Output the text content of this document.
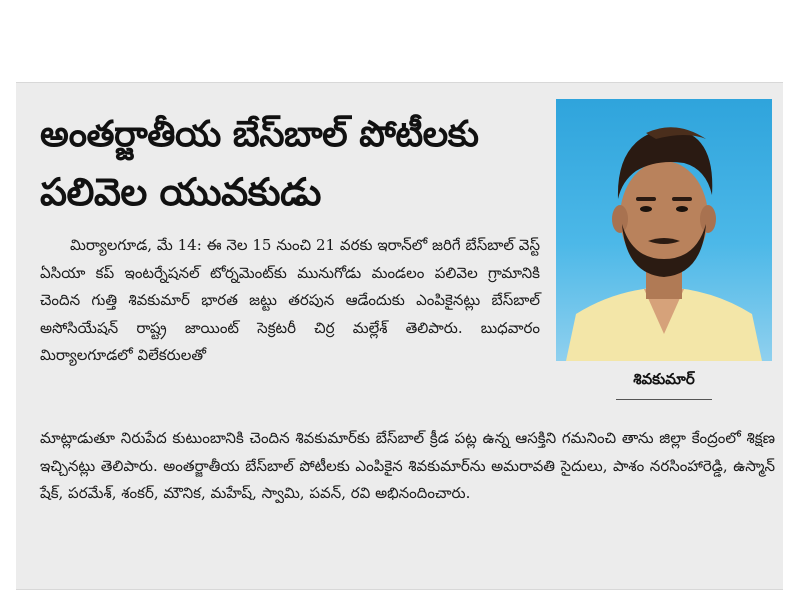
అంతర్జాతీయ బేస్‌బాల్ పోటీలకు
పలివెల యువకుడు
మిర్యాలగూడ, మే 14: ఈ నెల 15 నుంచి 21 వరకు ఇరాన్‌లో జరిగే బేస్‌బాల్ వెస్ట్ ఏసియా కప్ ఇంటర్నేషనల్ టోర్నమెంట్‌కు మునుగోడు మండలం పలివెల గ్రామానికి చెందిన గుత్తి శివకుమార్ భారత జట్టు తరపున ఆడేందుకు ఎంపికైనట్లు బేస్‌బాల్ అసోసియేషన్ రాష్ట్ర జాయింట్ సెక్రటరీ చిర్ర మల్లేశ్ తెలిపారు. బుధవారం మిర్యాలగూడలో విలేకరులతో
మాట్లాడుతూ నిరుపేద కుటుంబానికి చెందిన శివకుమార్‌కు బేస్‌బాల్ క్రీడ పట్ల ఉన్న ఆసక్తిని గమనించి తాను జిల్లా కేంద్రంలో శిక్షణ ఇచ్చినట్లు తెలిపారు. అంతర్జాతీయ బేస్‌బాల్ పోటీలకు ఎంపికైన శివకుమార్‌ను అమరావతి సైదులు, పాశం నరసింహారెడ్డి, ఉస్మాన్ షేక్, పరమేశ్, శంకర్, మౌనిక, మహేష్, స్వామి, పవన్, రవి అభినందించారు.
శివకుమార్
